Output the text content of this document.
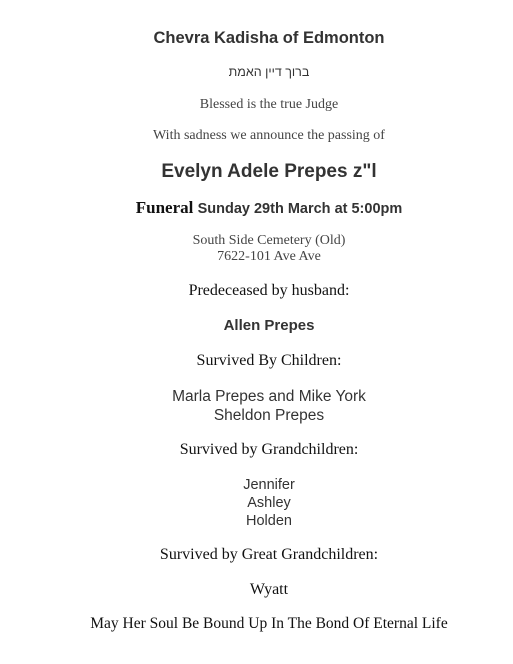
Chevra Kadisha of Edmonton
ברוך דיין האמת
Blessed is the true Judge
With sadness we announce the passing of
Evelyn Adele Prepes z"l
Funeral Sunday 29th March at 5:00pm
South Side Cemetery (Old)
7622-101 Ave Ave
Predeceased by husband:
Allen Prepes
Survived By Children:
Marla Prepes and Mike York
Sheldon Prepes
Survived by Grandchildren:
Jennifer
Ashley
Holden
Survived by Great Grandchildren:
Wyatt
May Her Soul Be Bound Up In The Bond Of Eternal Life
